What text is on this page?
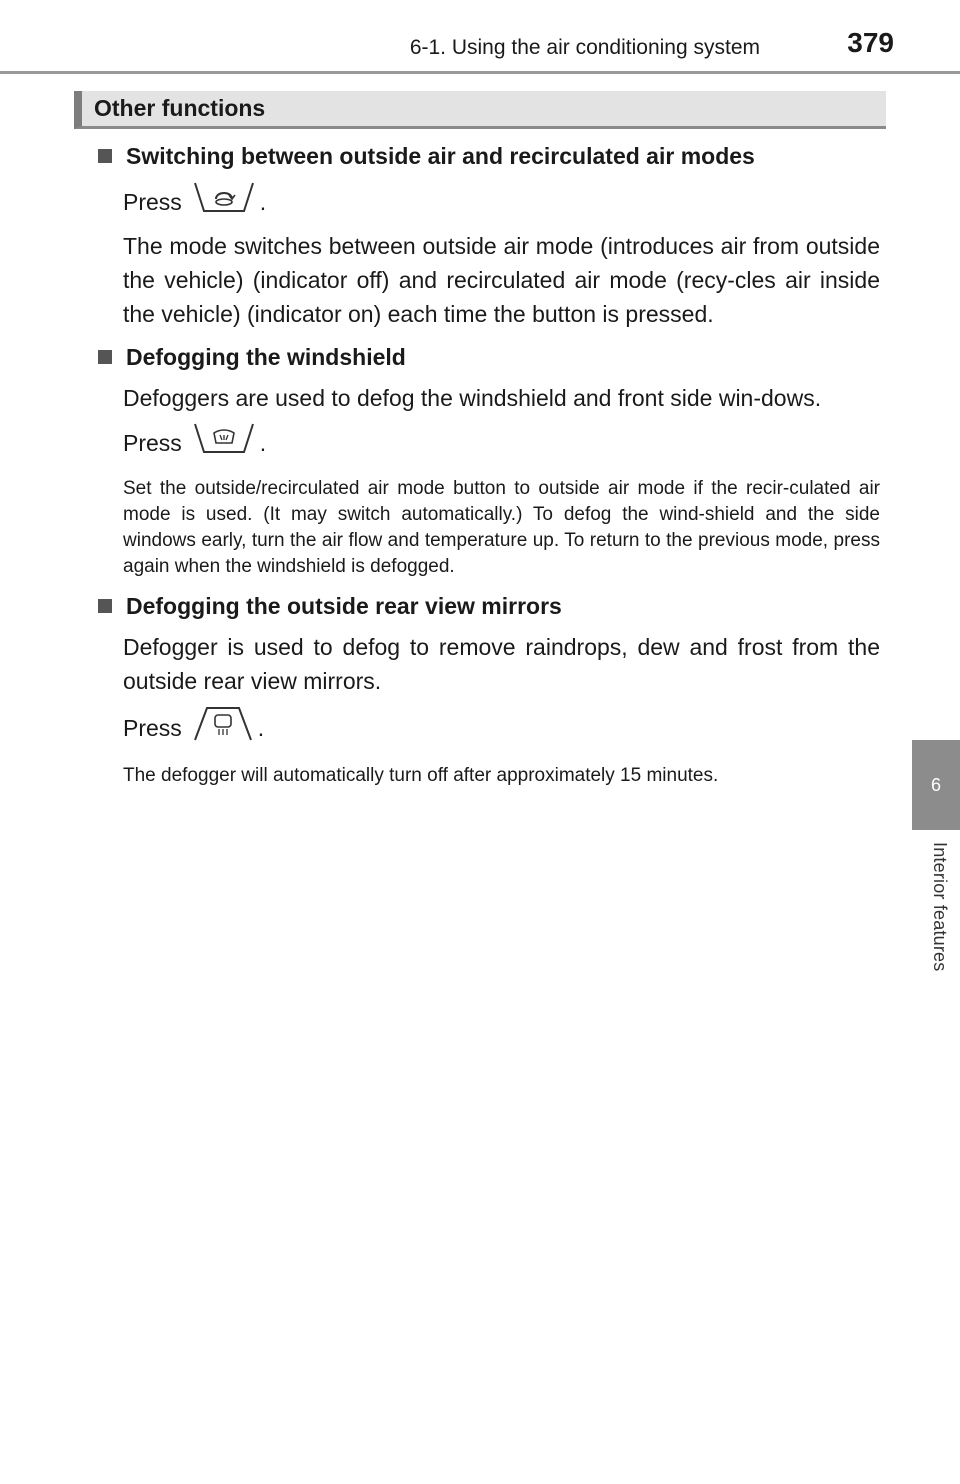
6-1. Using the air conditioning system	379
6
Interior features
Other functions
Switching between outside air and recirculated air modes
Press	.

The mode switches between outside air mode (introduces air from outside the vehicle) (indicator off) and recirculated air mode (recy-cles air inside the vehicle) (indicator on) each time the button is pressed.

Defogging the windshield

Defoggers are used to defog the windshield and front side win-dows.

Press	.

Set the outside/recirculated air mode button to outside air mode if the recir-culated air mode is used. (It may switch automatically.) To defog the wind-shield and the side windows early, turn the air flow and temperature up. To return to the previous mode, press again when the windshield is defogged.

Defogging the outside rear view mirrors

Defogger is used to defog to remove raindrops, dew and frost from the outside rear view mirrors.

Press	.

The defogger will automatically turn off after approximately 15 minutes.
